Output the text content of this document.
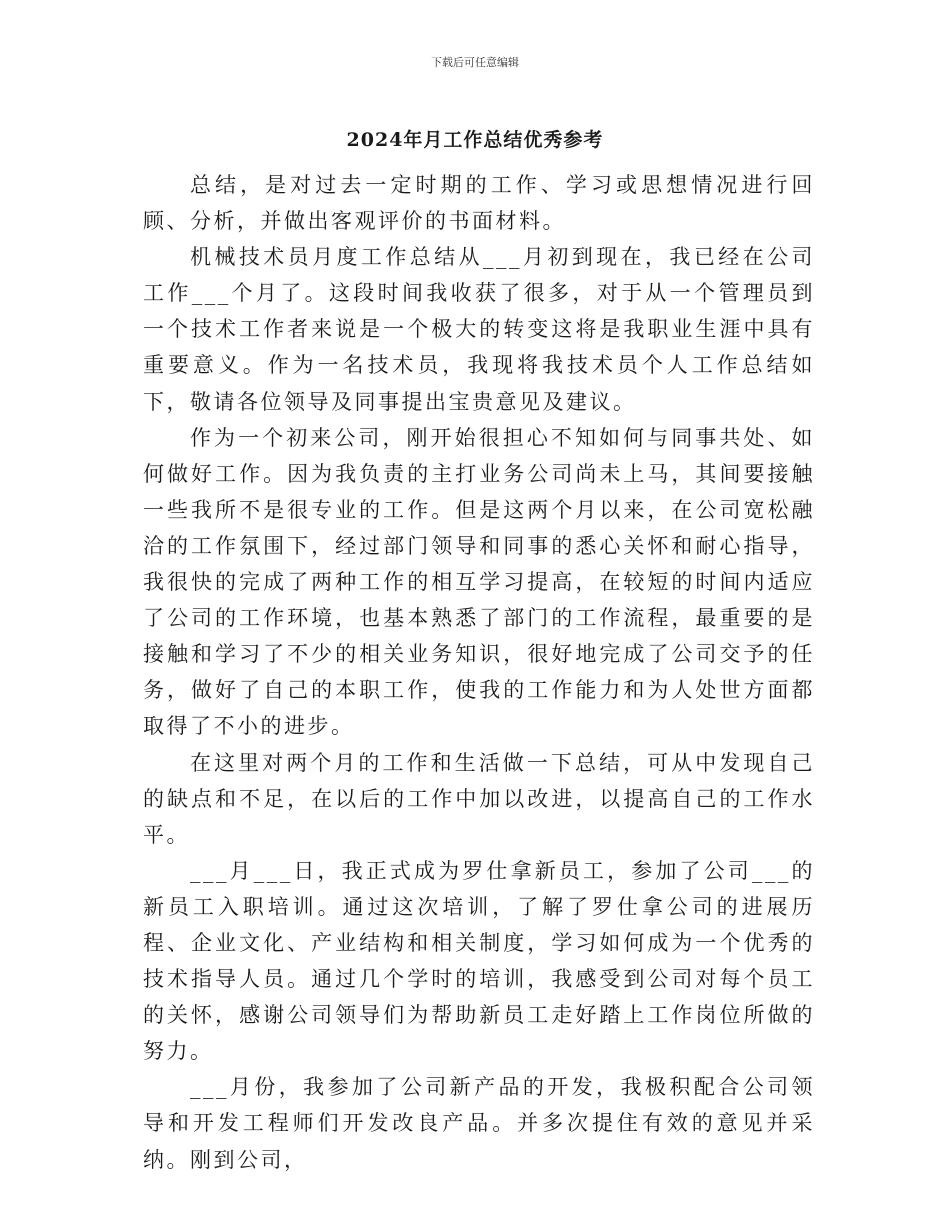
下载后可任意编辑
2024年月工作总结优秀参考

总结，是对过去一定时期的工作、学习或思想情况进行回顾、分析，并做出客观评价的书面材料。

机械技术员月度工作总结从___月初到现在，我已经在公司工作___个月了。这段时间我收获了很多，对于从一个管理员到一个技术工作者来说是一个极大的转变这将是我职业生涯中具有重要意义。作为一名技术员，我现将我技术员个人工作总结如下，敬请各位领导及同事提出宝贵意见及建议。

作为一个初来公司，刚开始很担心不知如何与同事共处、如何做好工作。因为我负责的主打业务公司尚未上马，其间要接触一些我所不是很专业的工作。但是这两个月以来，在公司宽松融洽的工作氛围下，经过部门领导和同事的悉心关怀和耐心指导，我很快的完成了两种工作的相互学习提高，在较短的时间内适应了公司的工作环境，也基本熟悉了部门的工作流程，最重要的是接触和学习了不少的相关业务知识，很好地完成了公司交予的任务，做好了自己的本职工作，使我的工作能力和为人处世方面都取得了不小的进步。

在这里对两个月的工作和生活做一下总结，可从中发现自己的缺点和不足，在以后的工作中加以改进，以提高自己的工作水平。

___月___日，我正式成为罗仕拿新员工，参加了公司___的新员工入职培训。通过这次培训，了解了罗仕拿公司的进展历程、企业文化、产业结构和相关制度，学习如何成为一个优秀的技术指导人员。通过几个学时的培训，我感受到公司对每个员工的关怀，感谢公司领导们为帮助新员工走好踏上工作岗位所做的努力。

___月份，我参加了公司新产品的开发，我极积配合公司领导和开发工程师们开发改良产品。并多次提住有效的意见并采纳。刚到公司，
